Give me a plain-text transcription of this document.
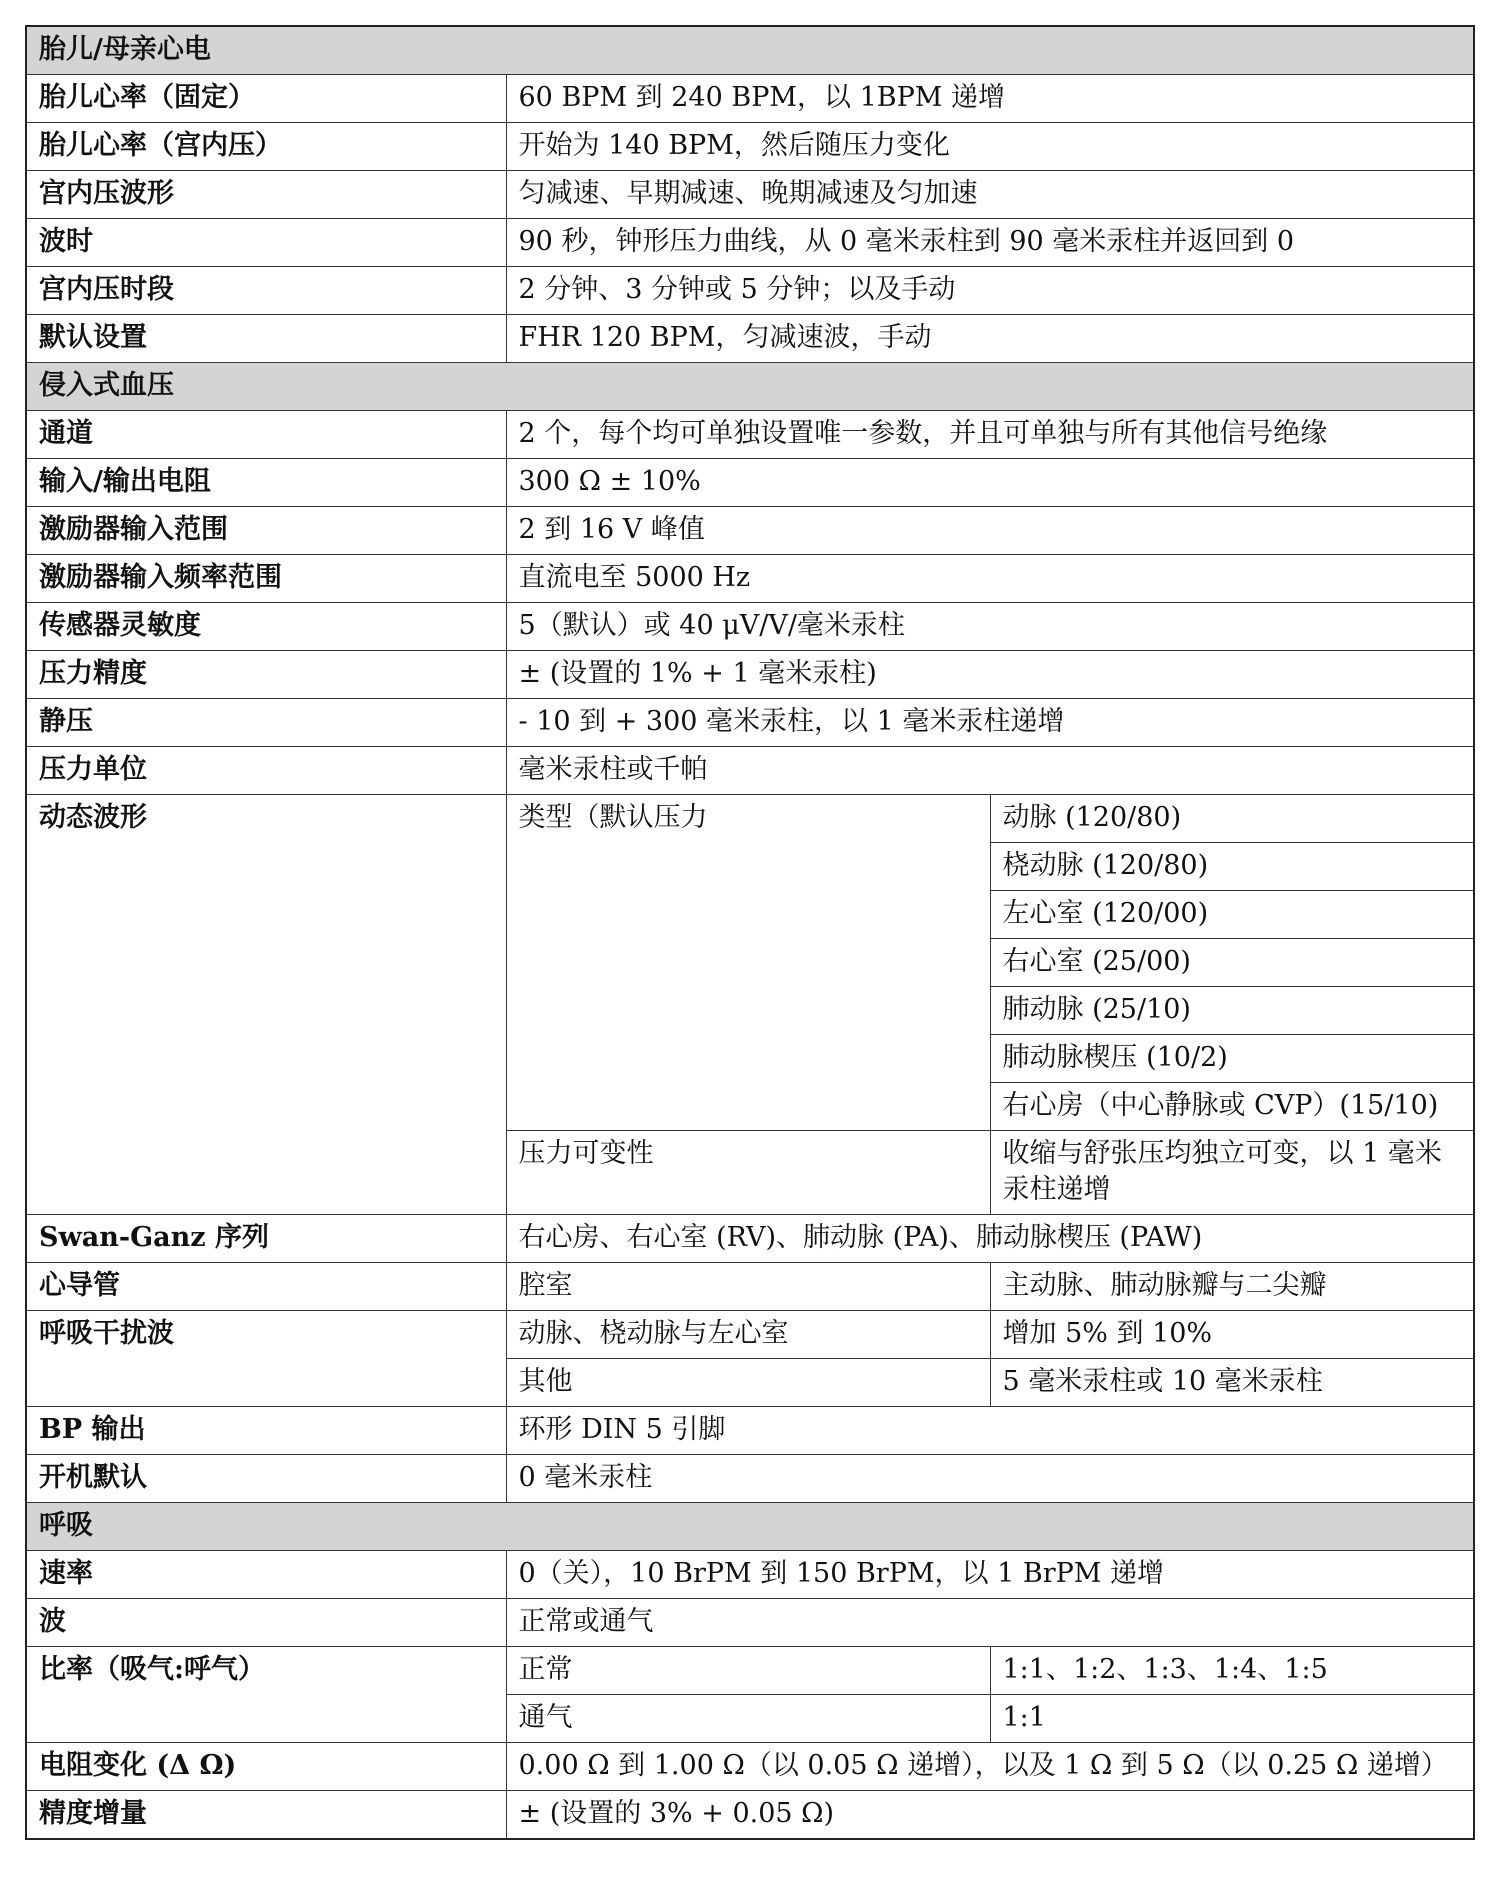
胎儿/母亲心电		
胎儿心率（固定）	60 BPM 到 240 BPM，以 1BPM 递增	
胎儿心率（宫内压）	开始为 140 BPM，然后随压力变化	
宫内压波形	匀减速、早期减速、晚期减速及匀加速	
波时	90 秒，钟形压力曲线，从 0 毫米汞柱到 90 毫米汞柱并返回到 0	
宫内压时段	2 分钟、3 分钟或 5 分钟；以及手动	
默认设置	FHR 120 BPM，匀减速波，手动	
侵入式血压		
通道	2 个，每个均可单独设置唯一参数，并且可单独与所有其他信号绝缘	
输入/输出电阻	300 Ω ± 10%	
激励器输入范围	2 到 16 V 峰值	
激励器输入频率范围	直流电至 5000 Hz	
传感器灵敏度	5（默认）或 40 μV/V/毫米汞柱	
压力精度	± (设置的 1% + 1 毫米汞柱)	
静压	- 10 到 + 300 毫米汞柱，以 1 毫米汞柱递增	
压力单位	毫米汞柱或千帕	
动态波形	类型（默认压力	动脉 (120/80)
		桡动脉 (120/80)
		左心室 (120/00)
		右心室 (25/00)
		肺动脉 (25/10)
		肺动脉楔压 (10/2)
		右心房（中心静脉或 CVP）(15/10)
	压力可变性	收缩与舒张压均独立可变，以 1 毫米汞柱递增
Swan-Ganz 序列	右心房、右心室 (RV)、肺动脉 (PA)、肺动脉楔压 (PAW)	
心导管	腔室	主动脉、肺动脉瓣与二尖瓣
呼吸干扰波	动脉、桡动脉与左心室	增加 5% 到 10%
	其他	5 毫米汞柱或 10 毫米汞柱
BP 输出	环形 DIN 5 引脚	
开机默认	0 毫米汞柱	
呼吸		
速率	0（关），10 BrPM 到 150 BrPM，以 1 BrPM 递增	
波	正常或通气	
比率（吸气:呼气）	正常	1:1、1:2、1:3、1:4、1:5
	通气	1:1
电阻变化 (Δ Ω)	0.00 Ω 到 1.00 Ω（以 0.05 Ω 递增），以及 1 Ω 到 5 Ω（以 0.25 Ω 递增）	
精度增量	± (设置的 3% + 0.05 Ω)	
